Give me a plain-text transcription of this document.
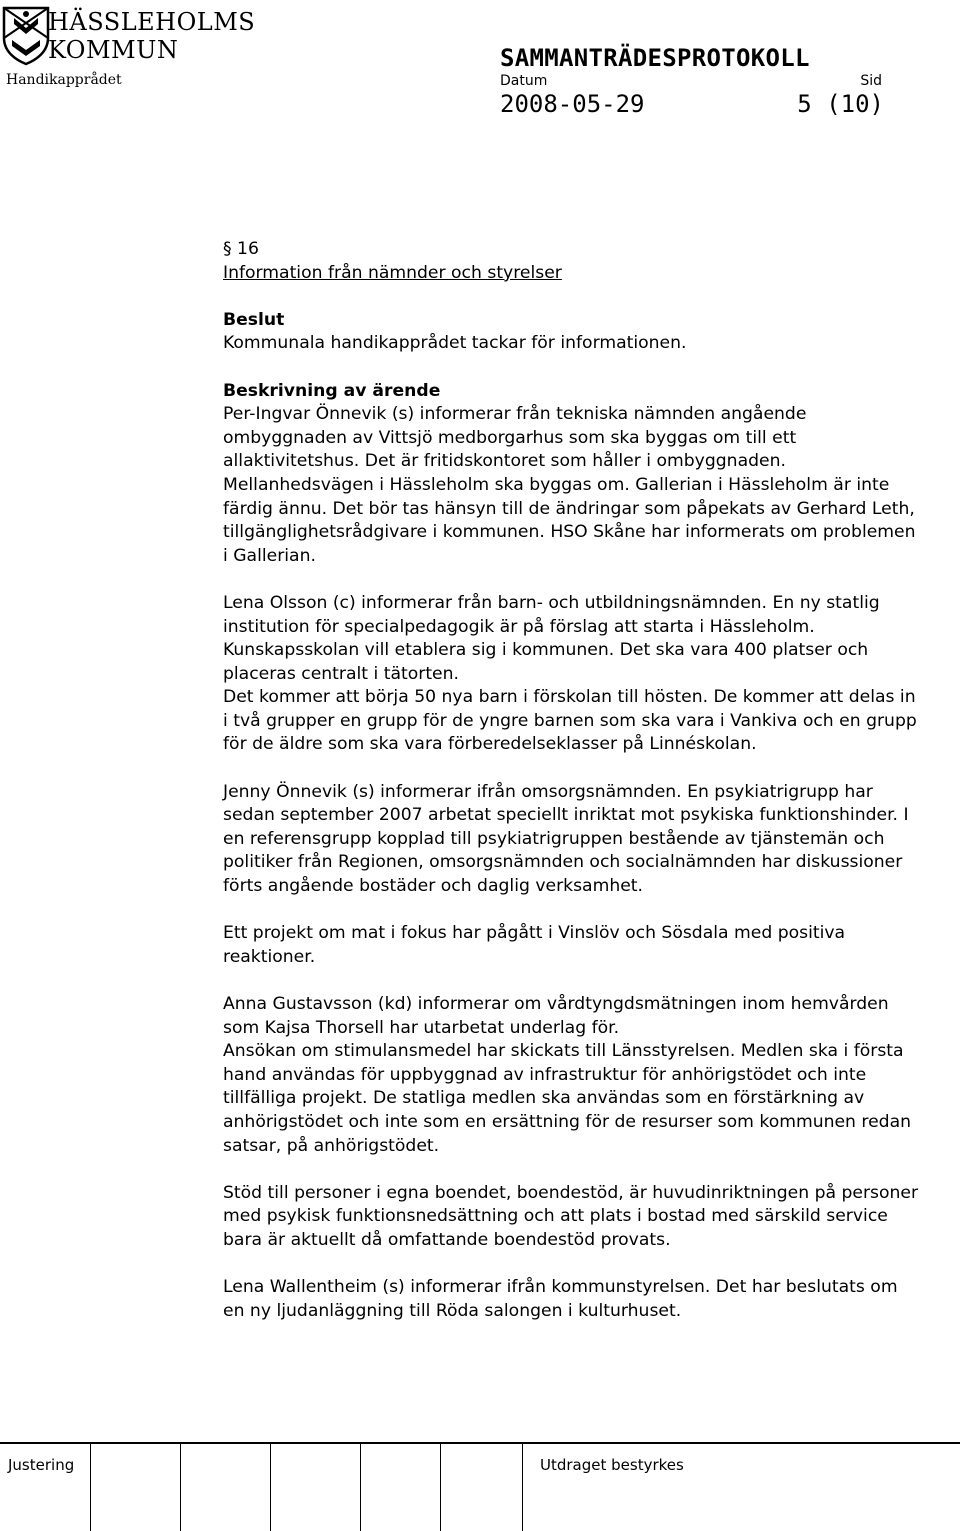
HÄSSLEHOLMS
KOMMUN
Handikapprådet
SAMMANTRÄDESPROTOKOLL
Datum	Sid
2008-05-29	5 (10)

§ 16

Information från nämnder och styrelser

Beslut

Kommunala handikapprådet tackar för informationen.

Beskrivning av ärende

Per-Ingvar Önnevik (s) informerar från tekniska nämnden angående ombyggnaden av Vittsjö medborgarhus som ska byggas om till ett allaktivitetshus. Det är fritidskontoret som håller i ombyggnaden. Mellanhedsvägen i Hässleholm ska byggas om. Gallerian i Hässleholm är inte färdig ännu. Det bör tas hänsyn till de ändringar som påpekats av Gerhard Leth, tillgänglighetsrådgivare i kommunen. HSO Skåne har informerats om problemen i Gallerian.

Lena Olsson (c) informerar från barn- och utbildningsnämnden. En ny statlig institution för specialpedagogik är på förslag att starta i Hässleholm. Kunskapsskolan vill etablera sig i kommunen. Det ska vara 400 platser och placeras centralt i tätorten.

Det kommer att börja 50 nya barn i förskolan till hösten. De kommer att delas in i två grupper en grupp för de yngre barnen som ska vara i Vankiva och en grupp för de äldre som ska vara förberedelseklasser på Linnéskolan.

Jenny Önnevik (s) informerar ifrån omsorgsnämnden. En psykiatrigrupp har sedan september 2007 arbetat speciellt inriktat mot psykiska funktionshinder. I en referensgrupp kopplad till psykiatrigruppen bestående av tjänstemän och politiker från Regionen, omsorgsnämnden och socialnämnden har diskussioner förts angående bostäder och daglig verksamhet.

Ett projekt om mat i fokus har pågått i Vinslöv och Sösdala med positiva reaktioner.

Anna Gustavsson (kd) informerar om vårdtyngdsmätningen inom hemvården som Kajsa Thorsell har utarbetat underlag för.

Ansökan om stimulansmedel har skickats till Länsstyrelsen. Medlen ska i första hand användas för uppbyggnad av infrastruktur för anhörigstödet och inte tillfälliga projekt. De statliga medlen ska användas som en förstärkning av anhörigstödet och inte som en ersättning för de resurser som kommunen redan satsar, på anhörigstödet.

Stöd till personer i egna boendet, boendestöd, är huvudinriktningen på personer med psykisk funktionsnedsättning och att plats i bostad med särskild service bara är aktuellt då omfattande boendestöd provats.

Lena Wallentheim (s) informerar ifrån kommunstyrelsen. Det har beslutats om en ny ljudanläggning till Röda salongen i kulturhuset.

Justering	Utdraget bestyrkes
